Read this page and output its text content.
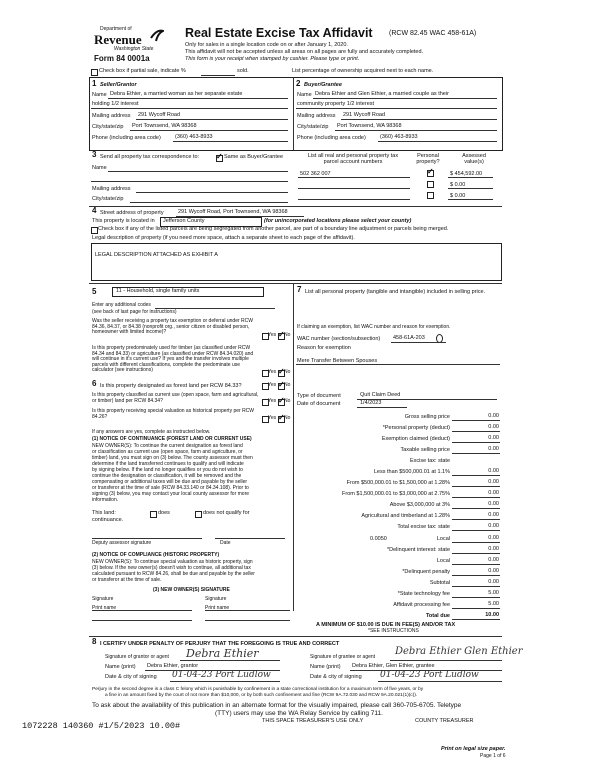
Department of
Revenue
Washington State
Form 84 0001a
Real Estate Excise Tax Affidavit (RCW 82.45 WAC 458-61A)
Only for sales in a single location code on or after January 1, 2020.
This affidavit will not be accepted unless all areas on all pages are fully and accurately completed.
This form is your receipt when stamped by cashier. Please type or print.
Check box if partial sale, indicate %	sold.	List percentage of ownership acquired next to each name.
1 Seller/Grantor
Name Debra Ethier, a married woman as her separate estate
holding 1/2 interest
Mailing address 291 Wycoff Road
City/state/zip Port Townsend, WA 98368
Phone (including area code)	(360) 463-8933
2 Buyer/Grantee
Name Debra Ethier and Glen Ethier, a married couple as their
community property 1/2 interest
Mailing address 291 Wycoff Road
City/state/zip Port Townsend, WA 98368
Phone (including area code)	(360) 463-8933
3 Send all property tax correspondence to: ✓	Same as Buyer/Grantee
Name
Mailing address
City/state/zip
List all real and personal property tax parcel account numbers
Personal property?
Assessed value(s)
502 362 007 ✓	$ 454,592.00
$ 0.00
$ 0.00
4 Street address of property	291 Wycoff Road, Port Townsend, WA 98368
This property is located in Jefferson County	(for unincorporated locations please select your county)
Check box if any of the listed parcels are being segregated from another parcel, are part of a boundary line adjustment or parcels being merged.
Legal description of property (if you need more space, attach a separate sheet to each page of the affidavit).
LEGAL DESCRIPTION ATTACHED AS EXHIBIT A
5	11 - Household, single family units
Enter any additional codes
(see back of last page for instructions)
Was the seller receiving a property tax exemption or deferral under RCW 84.36, 84.37, or 84.38 (nonprofit org., senior citizen or disabled person, homeowner with limited income)?	Yes ✓ No
Is this property predominately used for timber (as classified under RCW 84.34 and 84.33) or agriculture (as classified under RCW 84.34.020) and will continue in it's current use? If yes and the transfer involves multiple parcels with different classifications, complete the predominate use calculator (see instructions)	Yes ✓ No
6 Is this property designated as forest land per RCW 84.33?	Yes ✓ No
Is this property classified as current use (open space, farm and agricultural, or timber) land per RCW 84.34?	Yes ✓ No
Is this property receiving special valuation as historical property per RCW 84.26?	Yes ✓ No
If any answers are yes, complete as instructed below.
(1) NOTICE OF CONTINUANCE (FOREST LAND OR CURRENT USE)
NEW OWNER(S): To continue the current designation as forest land
or classification as current use (open space, farm and agriculture, or
timber) land, you must sign on (3) below. The county assessor must then
determine if the land transferred continues to qualify and will indicate
by signing below. If the land no longer qualifies or you do not wish to
continue the designation or classification, it will be removed and the
compensating or additional taxes will be due and payable by the seller
or transferor at the time of sale (RCW 84.33.140 or 84.34.108). Prior to
signing (3) below, you may contact your local county assessor for more
information.
This land:	does	does not qualify for
continuance.
Deputy assessor signature	Date
(2) NOTICE OF COMPLIANCE (HISTORIC PROPERTY)
NEW OWNER(S): To continue special valuation as historic property, sign
(3) below. If the new owner(s) doesn't wish to continue, all additional tax
calculated pursuant to RCW 84.26, shall be due and payable by the seller
or transferor at the time of sale.
(3) NEW OWNER(S) SIGNATURE
Signature	Signature
Print name	Print name
7 List all personal property (tangible and intangible) included in selling price.
If claiming an exemption, list WAC number and reason for exemption.
WAC number (section/subsection) 458-61A-203
Reason for exemption
Mere Transfer Between Spouses
Type of document	Quit Claim Deed
Date of document	1/4/2023
Gross selling price	0.00
*Personal property (deduct)	0.00
Exemption claimed (deduct)	0.00
Taxable selling price	0.00
Excise tax: state
Less than $500,000.01 at 1.1%	0.00
From $500,000.01 to $1,500,000 at 1.28%	0.00
From $1,500,000.01 to $3,000,000 at 2.75%	0.00
Above $3,000,000 at 3%	0.00
Agricultural and timberland at 1.28%	0.00
Total excise tax: state	0.00
0.0050	Local	0.00
*Delinquent interest: state	0.00
Local	0.00
*Delinquent penalty	0.00
Subtotal	0.00
*State technology fee	5.00
Affidavit processing fee	5.00
Total due	10.00
A MINIMUM OF $10.00 IS DUE IN FEE(S) AND/OR TAX
*SEE INSTRUCTIONS
8 I CERTIFY UNDER PENALTY OF PERJURY THAT THE FOREGOING IS TRUE AND CORRECT
Signature of grantor or agent Debra Ethier
Name (print) Debra Ethier, grantor
Date & city of signing 01-04-23 Port Ludlow
Signature of grantee or agent Debra Ethier Glen Ethier
Name (print) Debra Ethier, Glen Ethier, grantee
Date & city of signing 01-04-23 Port Ludlow
Perjury in the second degree is a class C felony which is punishable by confinement in a state correctional institution for a maximum term of five years, or by
a fine in an amount fixed by the court of not more than $10,000, or by both such confinement and fine (RCW 9A.72.030 and RCW 9A.20.021(1)(c)).
To ask about the availability of this publication in an alternate format for the visually impaired, please call 360-705-6705. Teletype
(TTY) users may use the WA Relay Service by calling 711.
1072228 140360 #1/5/2023 10.00#	THIS SPACE TREASURER'S USE ONLY	COUNTY TREASURER
Print on legal size paper.
Page 1 of 6
